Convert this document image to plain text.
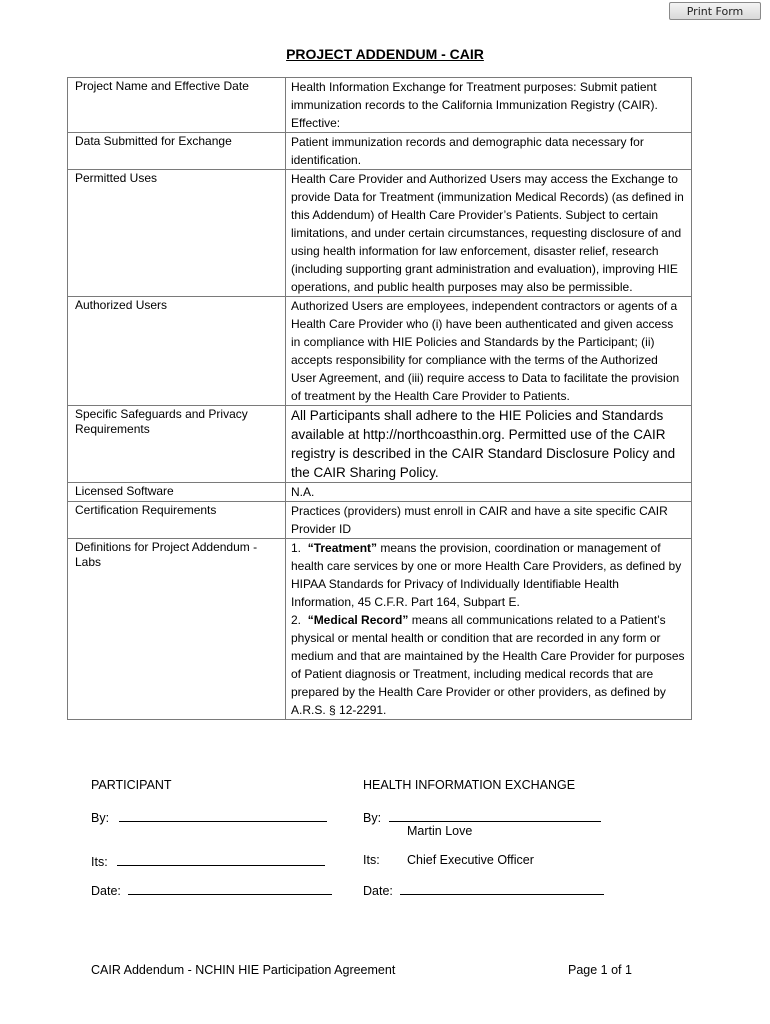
Print Form
PROJECT ADDENDUM - CAIR
Project Name and Effective Date	Health Information Exchange for Treatment purposes: Submit patient immunization records to the California Immunization Registry (CAIR).
Effective:

Data Submitted for Exchange	Patient immunization records and demographic data necessary for identification.
Permitted Uses	Health Care Provider and Authorized Users may access the Exchange to provide Data for Treatment (immunization Medical Records) (as defined in this Addendum) of Health Care Provider’s Patients. Subject to certain limitations, and under certain circumstances, requesting disclosure of and using health information for law enforcement, disaster relief, research (including supporting grant administration and evaluation), improving HIE operations, and public health purposes may also be permissible.
Authorized Users	Authorized Users are employees, independent contractors or agents of a Health Care Provider who (i) have been authenticated and given access in compliance with HIE Policies and Standards by the Participant; (ii) accepts responsibility for compliance with the terms of the Authorized User Agreement, and (iii) require access to Data to facilitate the provision of treatment by the Health Care Provider to Patients.
Specific Safeguards and Privacy Requirements	All Participants shall adhere to the HIE Policies and Standards available at http://northcoasthin.org. Permitted use of the CAIR registry is described in the CAIR Standard Disclosure Policy and the CAIR Sharing Policy.
Licensed Software	N.A.
Certification Requirements	Practices (providers) must enroll in CAIR and have a site specific CAIR Provider ID
Definitions for Project Addendum - Labs	1. “Treatment” means the provision, coordination or management of health care services by one or more Health Care Providers, as defined by HIPAA Standards for Privacy of Individually Identifiable Health Information, 45 C.F.R. Part 164, Subpart E.
2. “Medical Record” means all communications related to a Patient’s physical or mental health or condition that are recorded in any form or medium and that are maintained by the Health Care Provider for purposes of Patient diagnosis or Treatment, including medical records that are prepared by the Health Care Provider or other providers, as defined by A.R.S. § 12-2291.
PARTICIPANT
By:
Its:
Date:
HEALTH INFORMATION EXCHANGE
By:
Martin Love
Its: Chief Executive Officer
Date:
CAIR Addendum - NCHIN HIE Participation Agreement	Page 1 of 1
